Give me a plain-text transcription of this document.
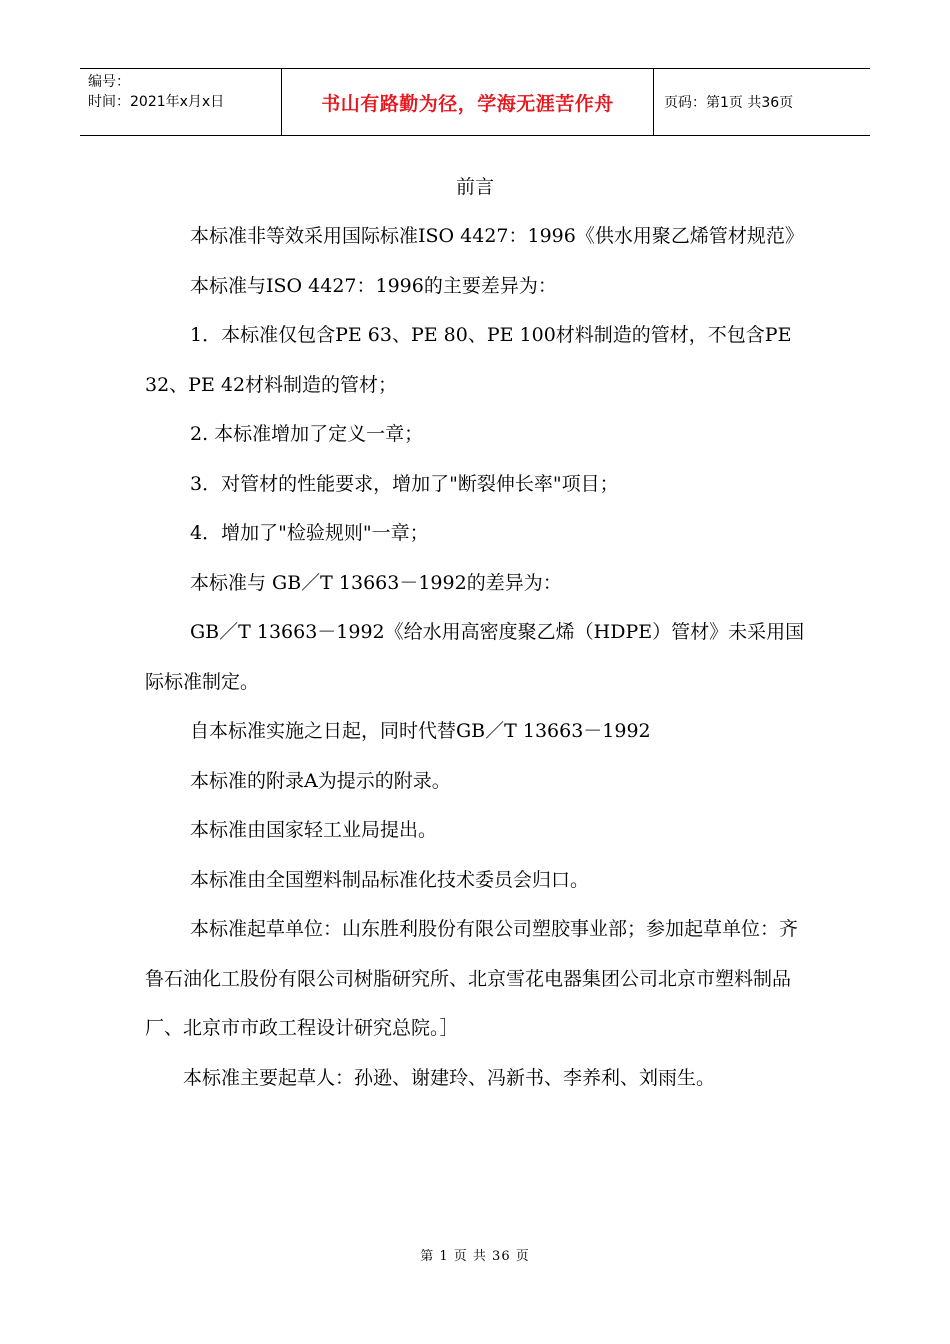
编号：
时间：2021年x月x日	书山有路勤为径，学海无涯苦作舟	页码：第1页 共36页
前言

本标准非等效采用国际标准ISO 4427：1996《供水用聚乙烯管材规范》

本标准与ISO 4427：1996的主要差异为：

1．本标准仅包含PE 63、PE 80、PE 100材料制造的管材，不包含PE 32、PE 42材料制造的管材；

2. 本标准增加了定义一章；

3．对管材的性能要求，增加了"断裂伸长率"项目；

4．增加了"检验规则"一章；

本标准与 GB／T 13663－1992的差异为：

GB／T 13663－1992《给水用高密度聚乙烯（HDPE）管材》未采用国际标准制定。

自本标准实施之日起，同时代替GB／T 13663－1992

本标准的附录A为提示的附录。

本标准由国家轻工业局提出。

本标准由全国塑料制品标准化技术委员会归口。

本标准起草单位：山东胜利股份有限公司塑胶事业部；参加起草单位：齐鲁石油化工股份有限公司树脂研究所、北京雪花电器集团公司北京市塑料制品厂、北京市市政工程设计研究总院。］

本标准主要起草人：孙逊、谢建玲、冯新书、李养利、刘雨生。

第 1 页 共 36 页
